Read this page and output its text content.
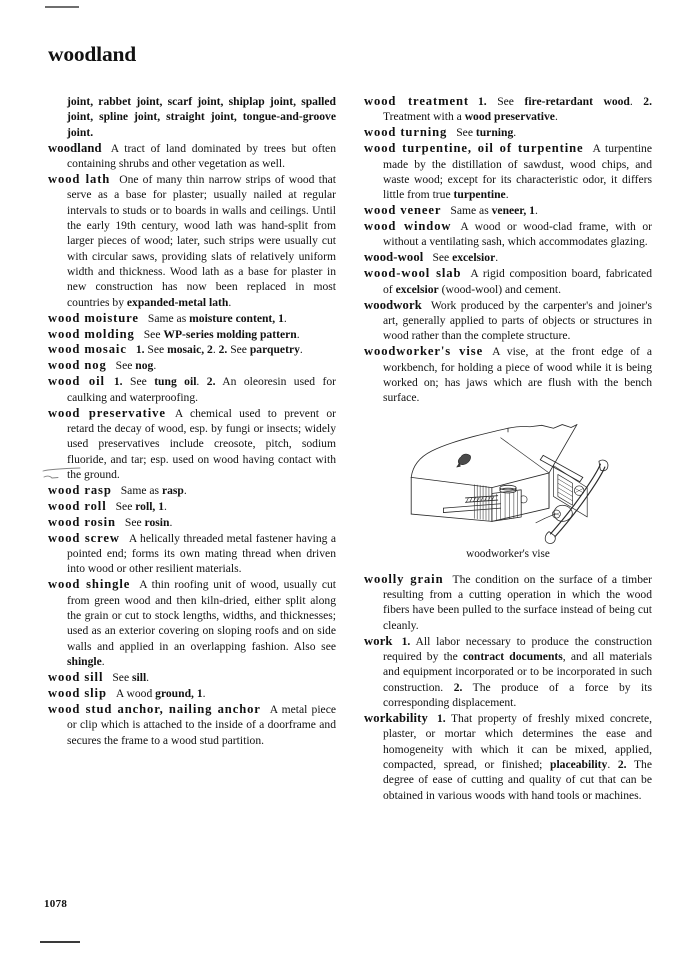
woodland

joint, rabbet joint, scarf joint, shiplap joint, spalled joint, spline joint, straight joint, tongue-and-groove joint.

woodland A tract of land dominated by trees but often containing shrubs and other vegetation as well.

wood lath One of many thin narrow strips of wood that serve as a base for plaster; usually nailed at regular intervals to studs or to boards in walls and ceilings. Until the early 19th century, wood lath was hand-split from larger pieces of wood; later, such strips were usually cut with circular saws, providing slats of relatively uniform width and thickness. Wood lath as a base for plaster in new construction has now been replaced in most countries by expanded-metal lath.

wood moisture Same as moisture content, 1.

wood molding See WP-series molding pattern.

wood mosaic 1. See mosaic, 2. 2. See parquetry.

wood nog See nog.

wood oil 1. See tung oil. 2. An oleoresin used for caulking and waterproofing.

wood preservative A chemical used to prevent or retard the decay of wood, esp. by fungi or insects; widely used preservatives include creosote, pitch, sodium fluoride, and tar; esp. used on wood having contact with the ground.

wood rasp Same as rasp.

wood roll See roll, 1.

wood rosin See rosin.

wood screw A helically threaded metal fastener having a pointed end; forms its own mating thread when driven into wood or other resilient materials.

wood shingle A thin roofing unit of wood, usually cut from green wood and then kiln-dried, either split along the grain or cut to stock lengths, widths, and thicknesses; used as an exterior covering on sloping roofs and on side walls and applied in an overlapping fashion. Also see shingle.

wood sill See sill.

wood slip A wood ground, 1.

wood stud anchor, nailing anchor A metal piece or clip which is attached to the inside of a doorframe and secures the frame to a wood stud partition.

wood treatment 1. See fire-retardant wood. 2. Treatment with a wood preservative.

wood turning See turning.

wood turpentine, oil of turpentine A turpentine made by the distillation of sawdust, wood chips, and waste wood; except for its characteristic odor, it differs little from true turpentine.

wood veneer Same as veneer, 1.

wood window A wood or wood-clad frame, with or without a ventilating sash, which accommodates glazing.

wood-wool See excelsior.

wood-wool slab A rigid composition board, fabricated of excelsior (wood-wool) and cement.

woodwork Work produced by the carpenter's and joiner's art, generally applied to parts of objects or structures in wood rather than the complete structure.

woodworker's vise A vise, at the front edge of a workbench, for holding a piece of wood while it is being worked on; has jaws which are flush with the bench surface.

woodworker's vise

woolly grain The condition on the surface of a timber resulting from a cutting operation in which the wood fibers have been pulled to the surface instead of being cut cleanly.

work 1. All labor necessary to produce the construction required by the contract documents, and all materials and equipment incorporated or to be incorporated in such construction. 2. The produce of a force by its corresponding displacement.

workability 1. That property of freshly mixed concrete, plaster, or mortar which determines the ease and homogeneity with which it can be mixed, applied, compacted, spread, or finished; placeability. 2. The degree of ease of cutting and quality of cut that can be obtained in various woods with hand tools or machines.

1078
